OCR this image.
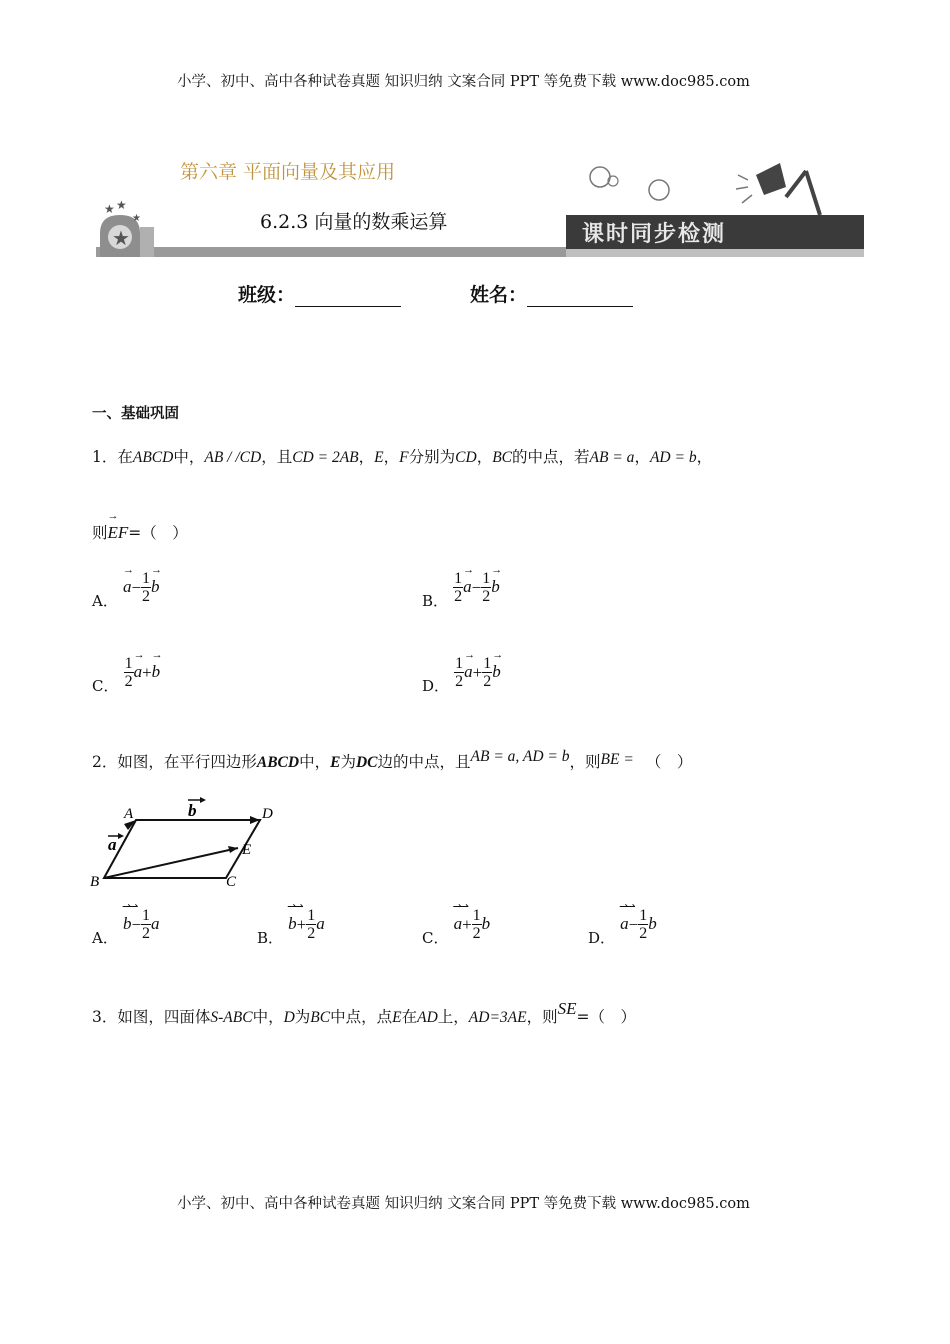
小学、初中、高中各种试卷真题 知识归纳 文案合同 PPT 等免费下载 www.doc985.com
★
★ ★
★
第六章 平面向量及其应用
6.2.3 向量的数乘运算	课时同步检测
班级：	姓名：
一、基础巩固
1．在ABCD中，AB / /CD，且CD = 2AB，E，F分别为CD，BC的中点，若AB = a，AD = b，
则→ EF=（　）
A． → $a- \frac{1}{2}$
→ b
B． $\frac{1}{2}$
→ $a- \frac{1}{2}$
→ b
C． $\frac{1}{2}$
→ a+→ b
D． $\frac{1}{2}$
→ $a+ \frac{1}{2}$
→ b
2．如图，在平行四边形ABCD中，E为DC边的中点，且AB = a, AD = b，则BE = （　）
A	b	D
a	E
B	C
A． ⇀⇀ $b- \frac{1}{2}$ a
B． ⇀⇀ $b+ \frac{1}{2}$ a
C． ⇀⇀ $a+ \frac{1}{2}$ b
D． ⇀⇀ $a- \frac{1}{2}$ b
3．如图，四面体S-ABC中，D为BC中点，点E在AD上，AD=3AE，则SE=（　）
小学、初中、高中各种试卷真题 知识归纳 文案合同 PPT 等免费下载 www.doc985.com
